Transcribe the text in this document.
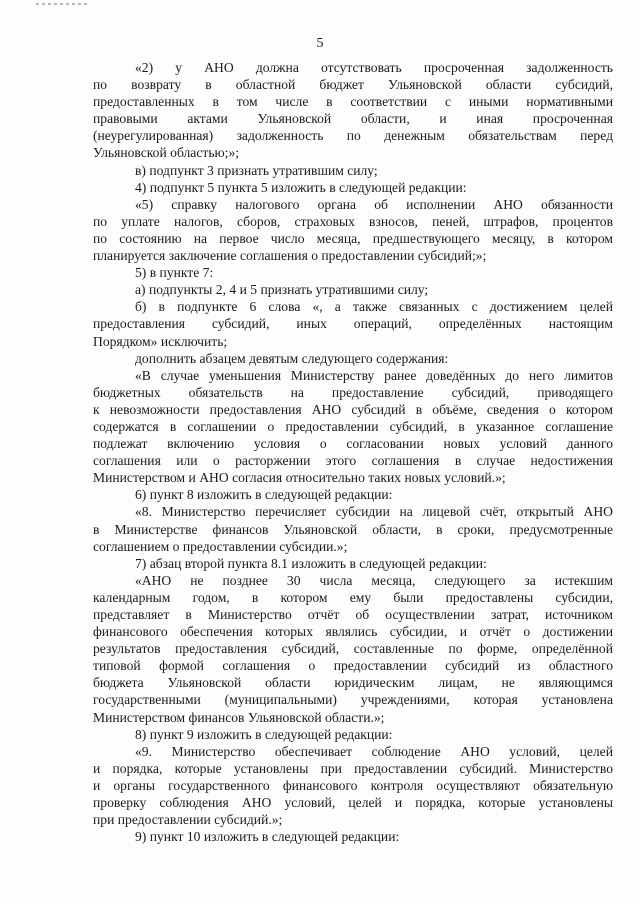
5
«2) у АНО должна отсутствовать просроченная задолженность
по возврату в областной бюджет Ульяновской области субсидий,
предоставленных в том числе в соответствии с иными нормативными
правовыми актами Ульяновской области, и иная просроченная
(неурегулированная) задолженность по денежным обязательствам перед
Ульяновской областью;»;
в) подпункт 3 признать утратившим силу;
4) подпункт 5 пункта 5 изложить в следующей редакции:
«5) справку налогового органа об исполнении АНО обязанности
по уплате налогов, сборов, страховых взносов, пеней, штрафов, процентов
по состоянию на первое число месяца, предшествующего месяцу, в котором
планируется заключение соглашения о предоставлении субсидий;»;
5) в пункте 7:
а) подпункты 2, 4 и 5 признать утратившими силу;
б) в подпункте 6 слова «, а также связанных с достижением целей
предоставления субсидий, иных операций, определённых настоящим
Порядком» исключить;
дополнить абзацем девятым следующего содержания:
«В случае уменьшения Министерству ранее доведённых до него лимитов
бюджетных обязательств на предоставление субсидий, приводящего
к невозможности предоставления АНО субсидий в объёме, сведения о котором
содержатся в соглашении о предоставлении субсидий, в указанное соглашение
подлежат включению условия о согласовании новых условий данного
соглашения или о расторжении этого соглашения в случае недостижения
Министерством и АНО согласия относительно таких новых условий.»;
6) пункт 8 изложить в следующей редакции:
«8. Министерство перечисляет субсидии на лицевой счёт, открытый АНО
в Министерстве финансов Ульяновской области, в сроки, предусмотренные
соглашением о предоставлении субсидии.»;
7) абзац второй пункта 8.1 изложить в следующей редакции:
«АНО не позднее 30 числа месяца, следующего за истекшим
календарным годом, в котором ему были предоставлены субсидии,
представляет в Министерство отчёт об осуществлении затрат, источником
финансового обеспечения которых являлись субсидии, и отчёт о достижении
результатов предоставления субсидий, составленные по форме, определённой
типовой формой соглашения о предоставлении субсидий из областного
бюджета Ульяновской области юридическим лицам, не являющимся
государственными (муниципальными) учреждениями, которая установлена
Министерством финансов Ульяновской области.»;
8) пункт 9 изложить в следующей редакции:
«9. Министерство обеспечивает соблюдение АНО условий, целей
и порядка, которые установлены при предоставлении субсидий. Министерство
и органы государственного финансового контроля осуществляют обязательную
проверку соблюдения АНО условий, целей и порядка, которые установлены
при предоставлении субсидий.»;
9) пункт 10 изложить в следующей редакции:
